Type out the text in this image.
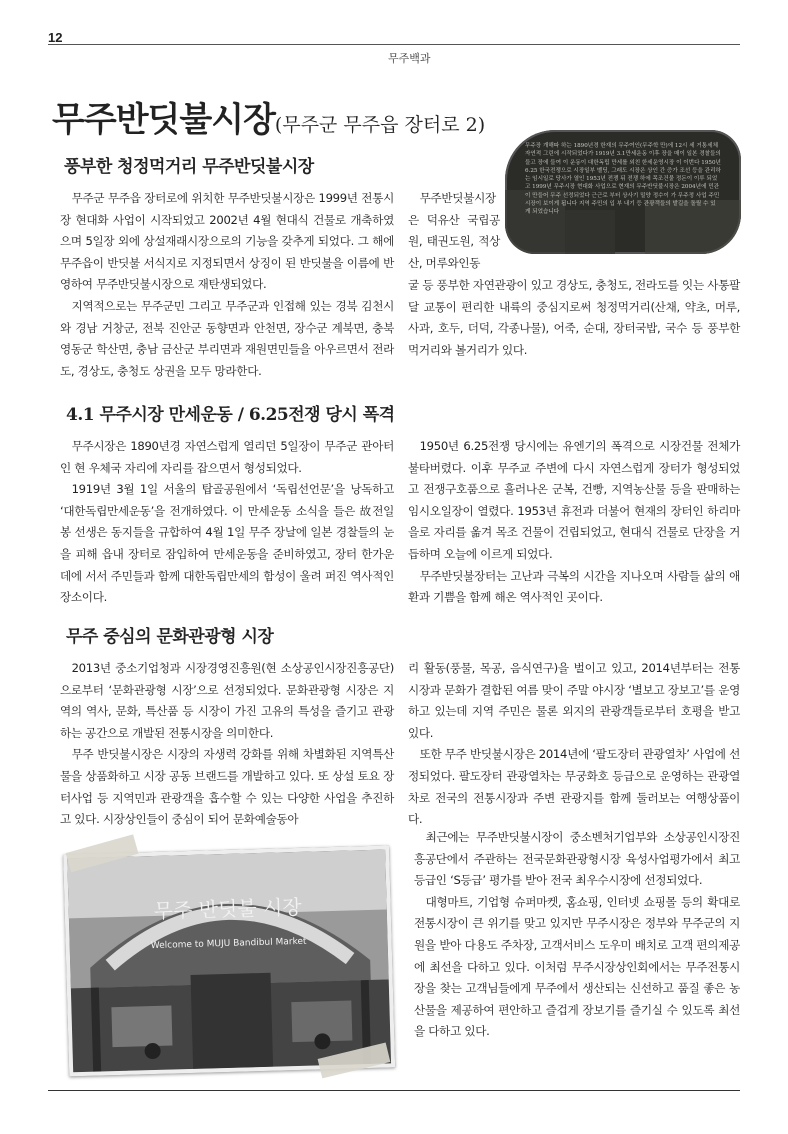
12
무주백과
무주반딧불시장(무주군 무주읍 장터로 2)
무주장 개해따 하는 1890년경 한재의 무주여인(무주학 만)에 12시 세 거통세체 자연적 그린에 시작되었다가 1919년 3.1만세운동 이후 장을 매이 일본 경찰들의 들고 장에 들여 이 운동이 대한독립 만세를 외친 한세운영시장 이 이번다 1950년 6.25 한국전쟁으로 시장일부 벨딩, 그래도 시장은 상인 간 증가 조선 등을 관리하는 임시일로 당사가 열인 1953년 전쟁 뒤 전쟁 하에 목조건물 정돈이 이루 되었고 1999년 무주시장 현대화 사업으로 현재의 무주반딧불시장은 2004년에 민관이 만들어 무주 선정되었다 근근로 부터 상사기 밀양 정수이 가 무주정 사업 주민 시장이 보이게 됩니다 지역 주민의 입 부 내기 등 관광객들의 발길을 돌릴 수 있게 되었습니다
풍부한 청정먹거리 무주반딧불시장

무주군 무주읍 장터로에 위치한 무주반딧불시장은 1999년 전통시장 현대화 사업이 시작되었고 2002년 4월 현대식 건물로 개축하였으며 5일장 외에 상설재래시장으로의 기능을 갖추게 되었다. 그 해에 무주읍이 반딧불 서식지로 지정되면서 상징이 된 반딧불을 이름에 반영하여 무주반딧불시장으로 재탄생되었다.

지역적으로는 무주군민 그리고 무주군과 인접해 있는 경북 김천시와 경남 거창군, 전북 진안군 동향면과 안천면, 장수군 계북면, 충북 영동군 학산면, 충남 금산군 부리면과 재원면민들을 아우르면서 전라도, 경상도, 충청도 상권을 모두 망라한다.

무주반딧불시장은 덕유산 국립공원, 태권도원, 적상산, 머루와인동

굴 등 풍부한 자연관광이 있고 경상도, 충청도, 전라도를 잇는 사통팔달 교통이 편리한 내륙의 중심지로써 청정먹거리(산채, 약초, 머루, 사과, 호두, 더덕, 각종나물), 어죽, 순대, 장터국밥, 국수 등 풍부한 먹거리와 볼거리가 있다.

4.1 무주시장 만세운동 / 6.25전쟁 당시 폭격

무주시장은 1890년경 자연스럽게 열리던 5일장이 무주군 관아터인 현 우체국 자리에 자리를 잡으면서 형성되었다.

1919년 3월 1일 서울의 탑골공원에서 ‘독립선언문’을 낭독하고 ‘대한독립만세운동’을 전개하였다. 이 만세운동 소식을 들은 故전일봉 선생은 동지들을 규합하여 4월 1일 무주 장날에 일본 경찰들의 눈을 피해 읍내 장터로 잠입하여 만세운동을 준비하였고, 장터 한가운데에 서서 주민들과 함께 대한독립만세의 함성이 울려 퍼진 역사적인 장소이다.

1950년 6.25전쟁 당시에는 유엔기의 폭격으로 시장건물 전체가 불타버렸다. 이후 무주교 주변에 다시 자연스럽게 장터가 형성되었고 전쟁구호품으로 흘러나온 군복, 건빵, 지역농산물 등을 판매하는 임시오일장이 열렸다. 1953년 휴전과 더불어 현재의 장터인 하리마을로 자리를 옮겨 목조 건물이 건립되었고, 현대식 건물로 단장을 거듭하며 오늘에 이르게 되었다.

무주반딧불장터는 고난과 극복의 시간을 지나오며 사람들 삶의 애환과 기쁨을 함께 해온 역사적인 곳이다.

무주 중심의 문화관광형 시장

2013년 중소기업청과 시장경영진흥원(현 소상공인시장진흥공단)으로부터 ‘문화관광형 시장’으로 선정되었다. 문화관광형 시장은 지역의 역사, 문화, 특산품 등 시장이 가진 고유의 특성을 즐기고 관광하는 공간으로 개발된 전통시장을 의미한다.

무주 반딧불시장은 시장의 자생력 강화를 위해 차별화된 지역특산물을 상품화하고 시장 공동 브랜드를 개발하고 있다. 또 상설 토요 장터사업 등 지역민과 관광객을 흡수할 수 있는 다양한 사업을 추진하고 있다. 시장상인들이 중심이 되어 문화예술동아

리 활동(풍물, 목공, 음식연구)을 벌이고 있고, 2014년부터는 전통시장과 문화가 결합된 여름 맞이 주말 야시장 ‘별보고 장보고’를 운영하고 있는데 지역 주민은 물론 외지의 관광객들로부터 호평을 받고 있다.

또한 무주 반딧불시장은 2014년에 ‘팔도장터 관광열차’ 사업에 선정되었다. 팔도장터 관광열차는 무궁화호 등급으로 운영하는 관광열차로 전국의 전통시장과 주변 관광지를 함께 둘러보는 여행상품이다.

최근에는 무주반딧불시장이 중소벤처기업부와 소상공인시장진흥공단에서 주관하는 전국문화관광형시장 육성사업평가에서 최고등급인 ‘S등급’ 평가를 받아 전국 최우수시장에 선정되었다.

대형마트, 기업형 슈퍼마켓, 홈쇼핑, 인터넷 쇼핑몰 등의 확대로 전통시장이 큰 위기를 맞고 있지만 무주시장은 정부와 무주군의 지원을 받아 다용도 주차장, 고객서비스 도우미 배치로 고객 편의제공에 최선을 다하고 있다. 이처럼 무주시장상인회에서는 무주전통시장을 찾는 고객님들에게 무주에서 생산되는 신선하고 품질 좋은 농산물을 제공하여 편안하고 즐겁게 장보기를 즐기실 수 있도록 최선을 다하고 있다.

무주 반딧불 시장
Welcome to MUJU Bandibul Market
